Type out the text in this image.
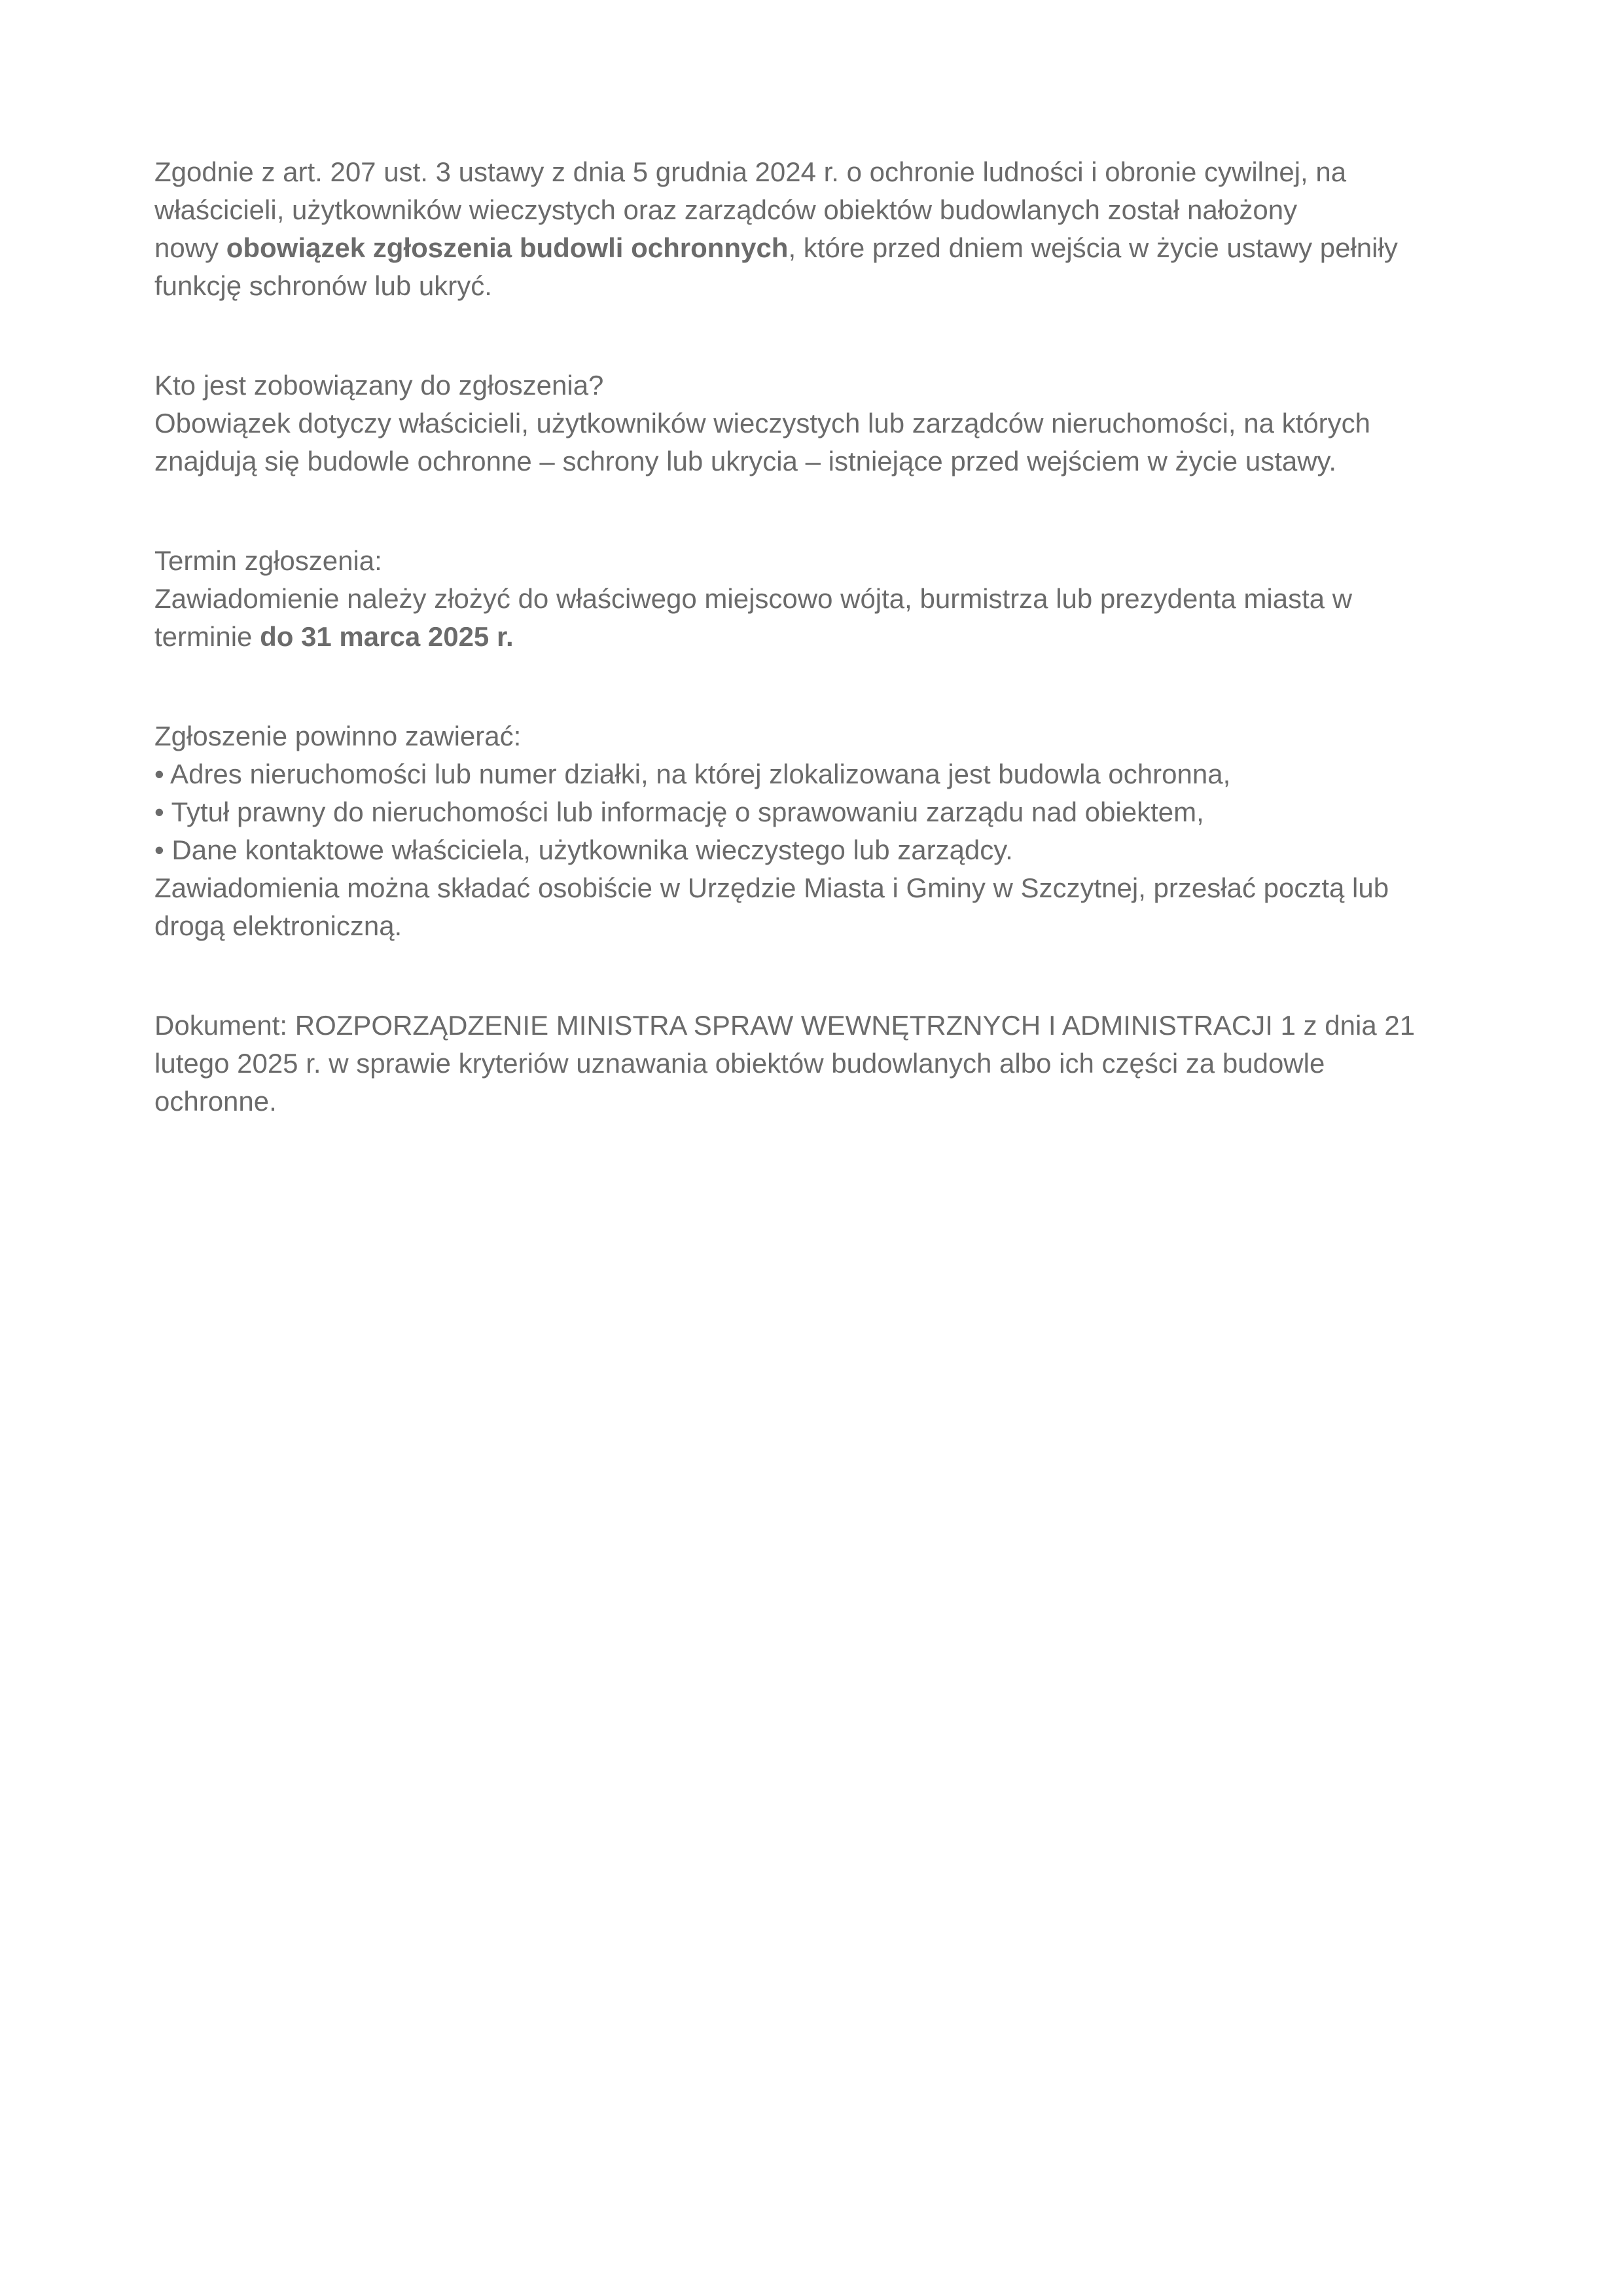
Zgodnie z art. 207 ust. 3 ustawy z dnia 5 grudnia 2024 r. o ochronie ludności i obronie cywilnej, na
właścicieli, użytkowników wieczystych oraz zarządców obiektów budowlanych został nałożony
nowy obowiązek zgłoszenia budowli ochronnych, które przed dniem wejścia w życie ustawy pełniły
funkcję schronów lub ukryć.

Kto jest zobowiązany do zgłoszenia?
Obowiązek dotyczy właścicieli, użytkowników wieczystych lub zarządców nieruchomości, na których
znajdują się budowle ochronne – schrony lub ukrycia – istniejące przed wejściem w życie ustawy.

Termin zgłoszenia:
Zawiadomienie należy złożyć do właściwego miejscowo wójta, burmistrza lub prezydenta miasta w
terminie do 31 marca 2025 r.

Zgłoszenie powinno zawierać:
• Adres nieruchomości lub numer działki, na której zlokalizowana jest budowla ochronna,
• Tytuł prawny do nieruchomości lub informację o sprawowaniu zarządu nad obiektem,
• Dane kontaktowe właściciela, użytkownika wieczystego lub zarządcy.
Zawiadomienia można składać osobiście w Urzędzie Miasta i Gminy w Szczytnej, przesłać pocztą lub
drogą elektroniczną.

Dokument: ROZPORZĄDZENIE MINISTRA SPRAW WEWNĘTRZNYCH I ADMINISTRACJI 1 z dnia 21
lutego 2025 r. w sprawie kryteriów uznawania obiektów budowlanych albo ich części za budowle
ochronne.
